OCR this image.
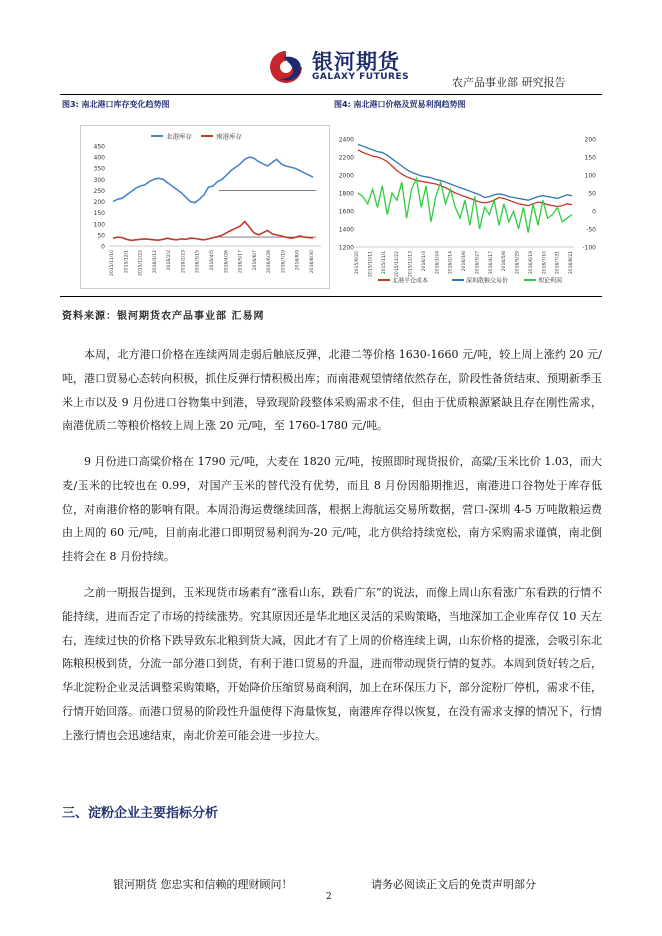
银河期货
GALAXY FUTURES	农产品事业部 研究报告
图3: 南北港口库存变化趋势图	图4: 南北港口价格及贸易利润趋势图
0
50
100
150
200
250
300
350
400
450
北港库存	南港库存
2015/11/10 2015/12/1 2015/12/22 2016/1/12 2016/2/2 2016/2/23 2016/3/15 2016/4/5 2016/4/26 2016/5/17 2016/6/7 2016/6/28 2016/7/19 2016/8/9 2016/8/30
1200
1400
1600
1800
2000
2200
2400
-100
-50
0
50
100
150
200
2015/9/20 2015/10/11 2015/11/1 2015/11/22 2015/12/13 2016/1/3 2016/1/24 2016/2/14 2016/3/6 2016/3/27 2016/4/17 2016/5/8 2016/5/29 2016/6/19 2016/7/10 2016/7/31 2016/8/21
北港平仓成本	深圳散粮交易价	理论利润
资料来源：银河期货农产品事业部 汇易网
本周，北方港口价格在连续两周走弱后触底反弹，北港二等价格 1630-1660 元/吨，较上周上涨约 20 元/吨，港口贸易心态转向积极，抓住反弹行情积极出库；而南港观望情绪依然存在，阶段性备货结束、预期新季玉米上市以及 9 月份进口谷物集中到港，导致现阶段整体采购需求不佳，但由于优质粮源紧缺且存在刚性需求，南港优质二等粮价格较上周上涨 20 元/吨，至 1760-1780 元/吨。
9 月份进口高粱价格在 1790 元/吨，大麦在 1820 元/吨，按照即时现货报价，高粱/玉米比价 1.03，而大麦/玉米的比较也在 0.99，对国产玉米的替代没有优势，而且 8 月份因船期推迟，南港进口谷物处于库存低位，对南港价格的影响有限。本周沿海运费继续回落，根据上海航运交易所数据，营口-深圳 4-5 万吨散粮运费由上周的 60 元/吨，目前南北港口即期贸易利润为-20 元/吨，北方供给持续宽松，南方采购需求谨慎，南北倒挂将会在 8 月份持续。
之前一期报告提到，玉米现货市场素有“涨看山东，跌看广东”的说法，而像上周山东看涨广东看跌的行情不能持续，进而否定了市场的持续涨势。究其原因还是华北地区灵活的采购策略，当地深加工企业库存仅 10 天左右，连续过快的价格下跌导致东北粮到货大减，因此才有了上周的价格连续上调，山东价格的提涨，会吸引东北陈粮积极到货，分流一部分港口到货，有利于港口贸易的升温，进而带动现货行情的复苏。本周到货好转之后，华北淀粉企业灵活调整采购策略，开始降价压缩贸易商利润，加上在环保压力下，部分淀粉厂停机，需求不佳，行情开始回落。而港口贸易的阶段性升温使得下海量恢复，南港库存得以恢复，在没有需求支撑的情况下，行情上涨行情也会迅速结束，南北价差可能会进一步拉大。
三、淀粉企业主要指标分析
银河期货 您忠实和信赖的理财顾问！	请务必阅读正文后的免责声明部分
2
